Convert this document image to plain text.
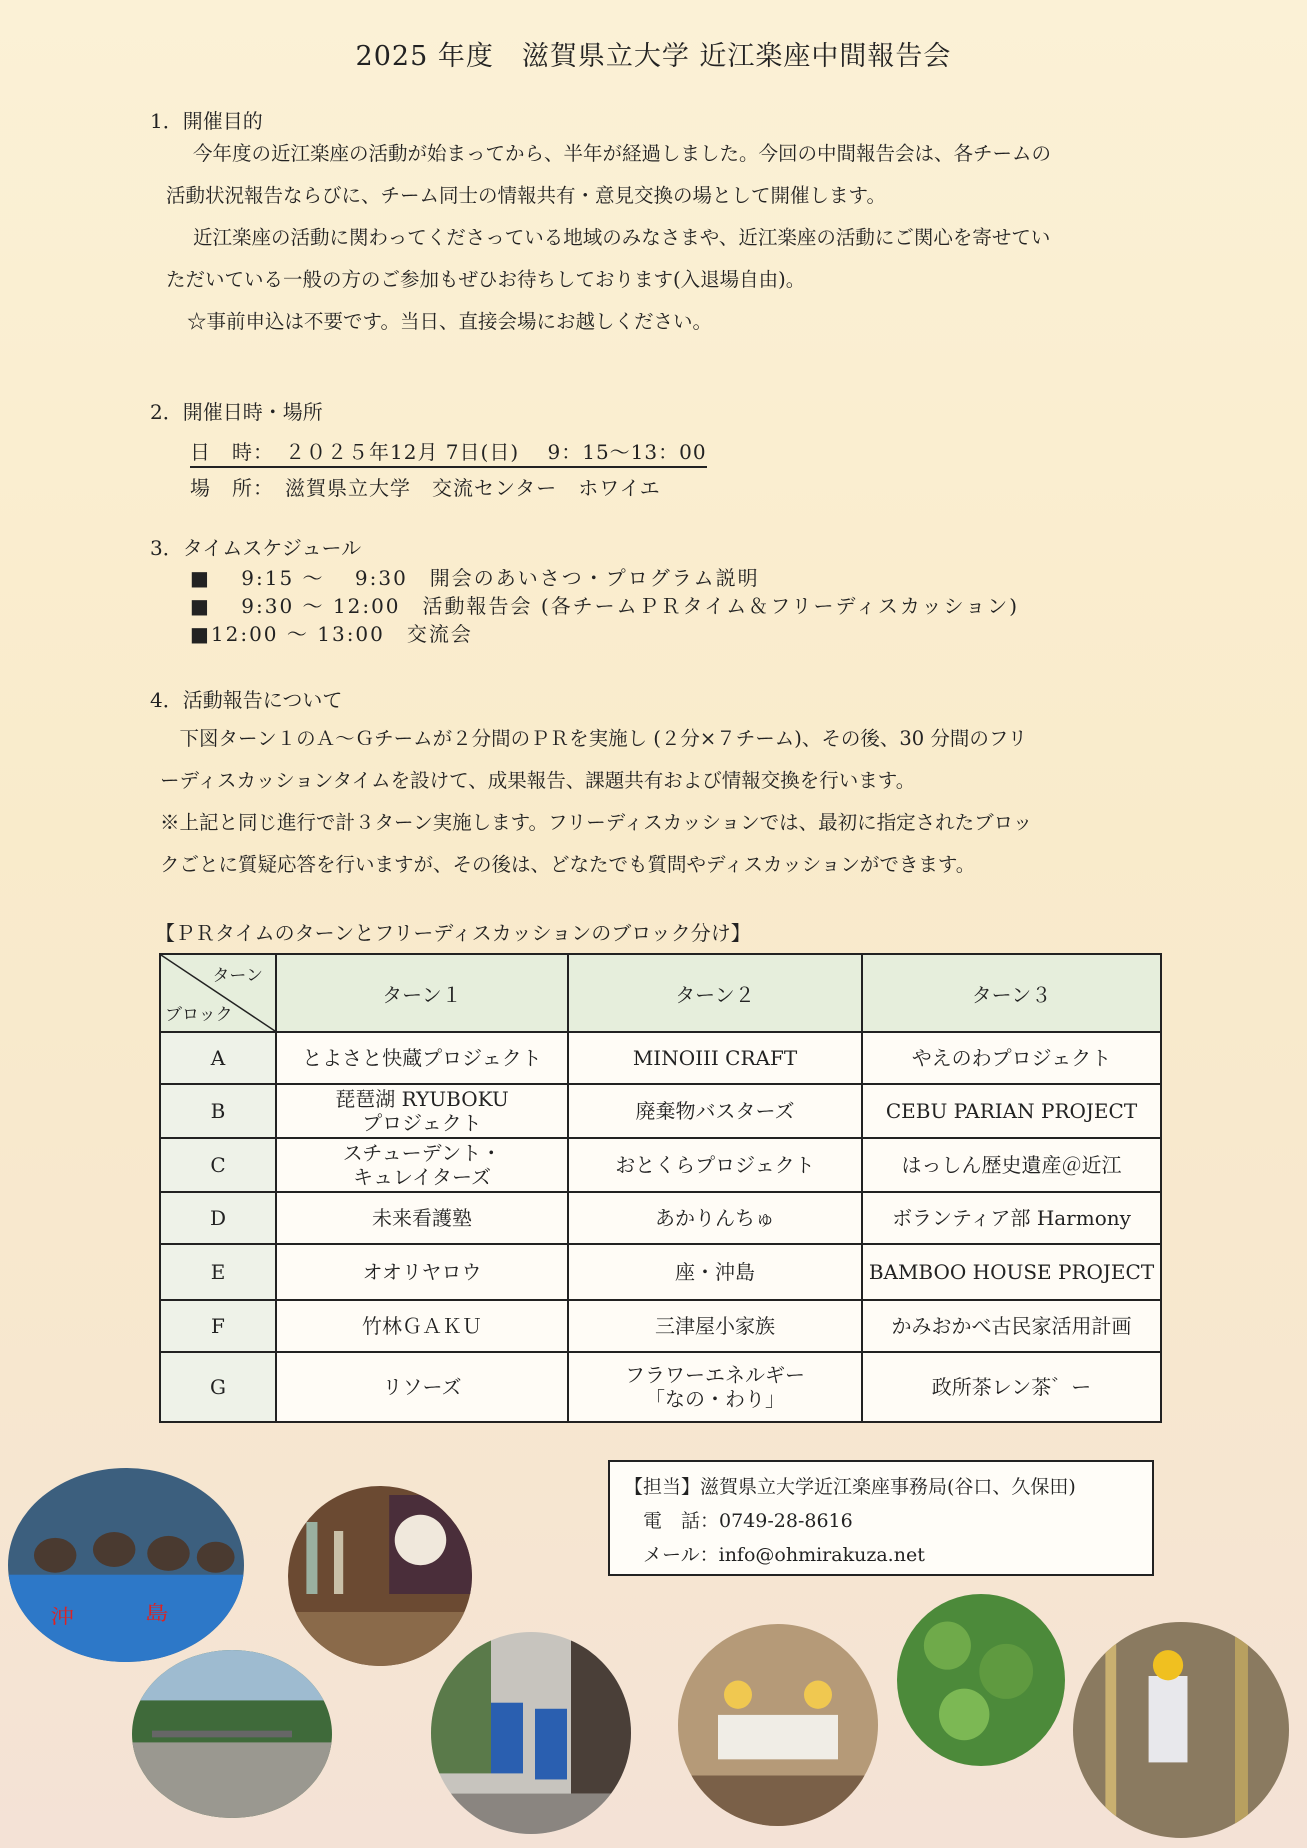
2025 年度　滋賀県立大学 近江楽座中間報告会
1．開催目的
今年度の近江楽座の活動が始まってから、半年が経過しました。今回の中間報告会は、各チームの
活動状況報告ならびに、チーム同士の情報共有・意見交換の場として開催します。
近江楽座の活動に関わってくださっている地域のみなさまや、近江楽座の活動にご関心を寄せてい
ただいている一般の方のご参加もぜひお待ちしております(入退場自由)。
☆事前申込は不要です。当日、直接会場にお越しください。
2．開催日時・場所
日　時：　２０２５年12月 7日(日)　 9：15～13：00
場　所：　滋賀県立大学　交流センター　ホワイエ
3．タイムスケジュール
■　 9:15 ～　 9:30　開会のあいさつ・プログラム説明
■　 9:30 ～ 12:00　活動報告会 (各チームＰＲタイム＆フリーディスカッション)
■12:00 ～ 13:00　交流会
4．活動報告について
　下図ターン１のＡ～Ｇチームが２分間のＰＲを実施し (２分×７チーム)、その後、30 分間のフリ
ーディスカッションタイムを設けて、成果報告、課題共有および情報交換を行います。
※上記と同じ進行で計３ターン実施します。フリーディスカッションでは、最初に指定されたブロッ
クごとに質疑応答を行いますが、その後は、どなたでも質問やディスカッションができます。
【ＰＲタイムのターンとフリーディスカッションのブロック分け】
ターン
ブロック	ターン１	ターン２	ターン３
A	とよさと快蔵プロジェクト	MINOIII CRAFT	やえのわプロジェクト
B	琵琶湖 RYUBOKU
プロジェクト	廃棄物バスターズ	CEBU PARIAN PROJECT
C	スチューデント・
キュレイターズ	おとくらプロジェクト	はっしん歴史遺産＠近江
D	未来看護塾	あかりんちゅ	ボランティア部 Harmony
E	オオリヤロウ	座・沖島	BAMBOO HOUSE PROJECT
F	竹林ＧＡＫＵ	三津屋小家族	かみおかべ古民家活用計画
G	リソーズ	フラワーエネルギー
「なの・わり」	政所茶レン茶゛ー
【担当】滋賀県立大学近江楽座事務局(谷口、久保田)
　電　話：0749-28-8616
　メール：info@ohmirakuza.net
沖	島
